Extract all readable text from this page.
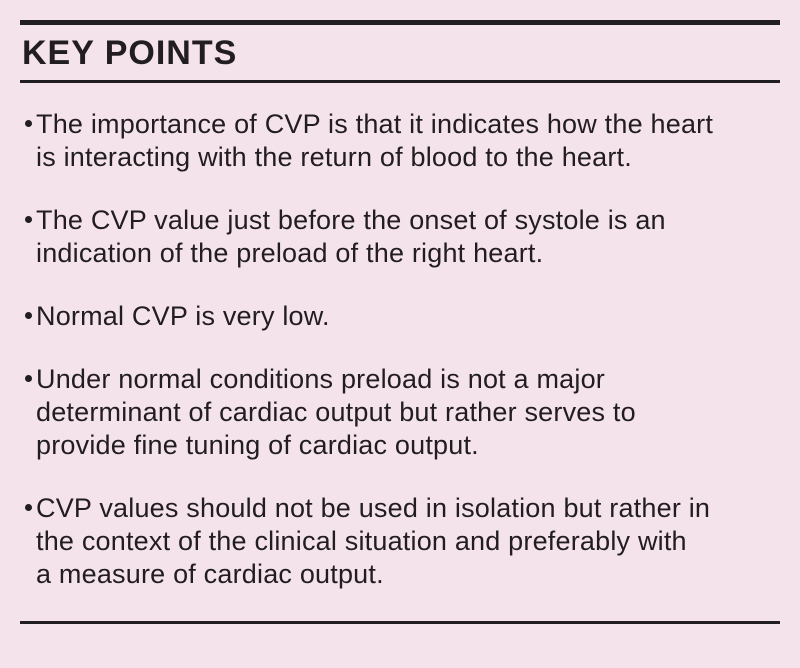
KEY POINTS
The importance of CVP is that it indicates how the heart
is interacting with the return of blood to the heart.
The CVP value just before the onset of systole is an
indication of the preload of the right heart.
Normal CVP is very low.
Under normal conditions preload is not a major
determinant of cardiac output but rather serves to
provide fine tuning of cardiac output.
CVP values should not be used in isolation but rather in
the context of the clinical situation and preferably with
a measure of cardiac output.
